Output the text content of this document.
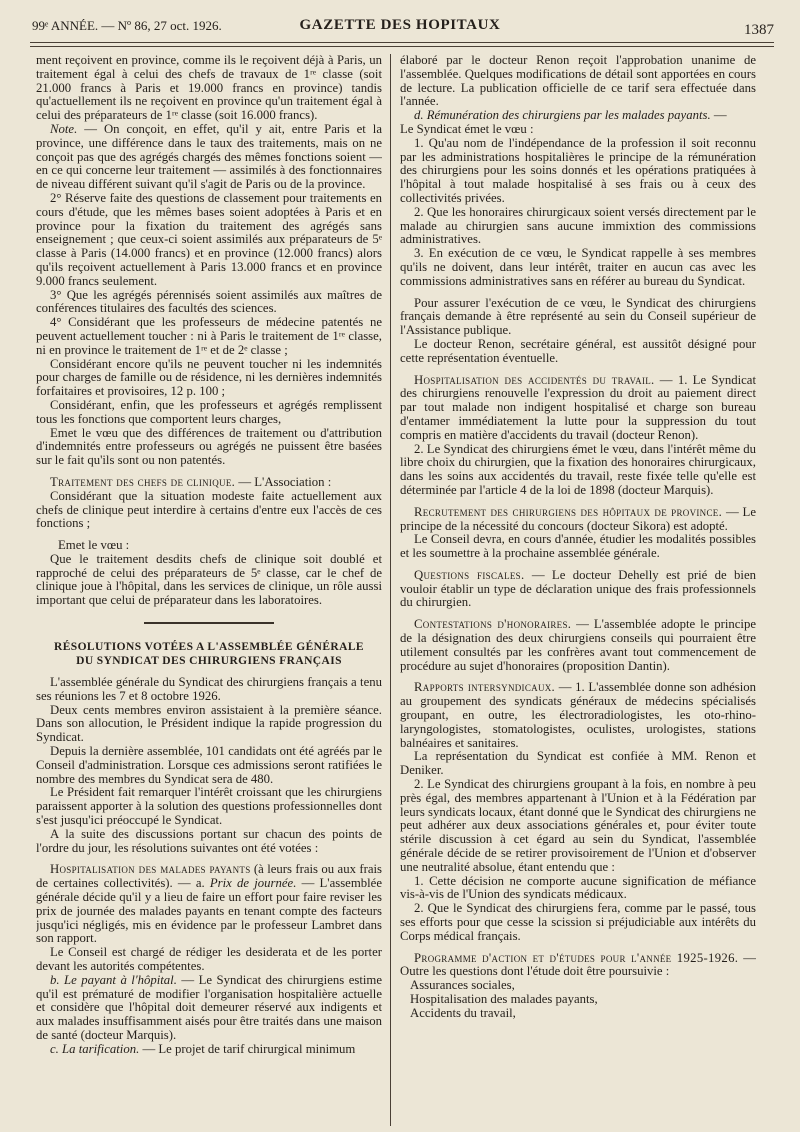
99ᵉ ANNÉE. — Nº 86, 27 oct. 1926.	GAZETTE DES HOPITAUX	1387

ment reçoivent en province, comme ils le reçoivent déjà à Paris, un traitement égal à celui des chefs de travaux de 1ʳᵉ classe (soit 21.000 francs à Paris et 19.000 francs en province) tandis qu'actuellement ils ne reçoivent en province qu'un traitement égal à celui des préparateurs de 1ʳᵉ classe (soit 16.000 francs).

Note. — On conçoit, en effet, qu'il y ait, entre Paris et la province, une différence dans le taux des traitements, mais on ne conçoit pas que des agrégés chargés des mêmes fonctions soient — en ce qui concerne leur traitement — assimilés à des fonctionnaires de niveau différent suivant qu'il s'agit de Paris ou de la province.

2° Réserve faite des questions de classement pour traitements en cours d'étude, que les mêmes bases soient adoptées à Paris et en province pour la fixation du traitement des agrégés sans enseignement ; que ceux-ci soient assimilés aux préparateurs de 5ᵉ classe à Paris (14.000 francs) et en province (12.000 francs) alors qu'ils reçoivent actuellement à Paris 13.000 francs et en province 9.000 francs seulement.

3° Que les agrégés pérennisés soient assimilés aux maîtres de conférences titulaires des facultés des sciences.

4° Considérant que les professeurs de médecine patentés ne peuvent actuellement toucher : ni à Paris le traitement de 1ʳᵉ classe, ni en province le traitement de 1ʳᵉ et de 2ᵉ classe ;

Considérant encore qu'ils ne peuvent toucher ni les indemnités pour charges de famille ou de résidence, ni les dernières indemnités forfaitaires et provisoires, 12 p. 100 ;

Considérant, enfin, que les professeurs et agrégés remplissent tous les fonctions que comportent leurs charges,

Emet le vœu que des différences de traitement ou d'attribution d'indemnités entre professeurs ou agrégés ne puissent être basées sur le fait qu'ils sont ou non patentés.

Traitement des chefs de clinique. — L'Association :

Considérant que la situation modeste faite actuellement aux chefs de clinique peut interdire à certains d'entre eux l'accès de ces fonctions ;

Emet le vœu :

Que le traitement desdits chefs de clinique soit doublé et rapproché de celui des préparateurs de 5ᵉ classe, car le chef de clinique joue à l'hôpital, dans les services de clinique, un rôle aussi important que celui de préparateur dans les laboratoires.

RÉSOLUTIONS VOTÉES A L'ASSEMBLÉE GÉNÉRALE
DU SYNDICAT DES CHIRURGIENS FRANÇAIS

L'assemblée générale du Syndicat des chirurgiens français a tenu ses réunions les 7 et 8 octobre 1926.

Deux cents membres environ assistaient à la première séance. Dans son allocution, le Président indique la rapide progression du Syndicat.

Depuis la dernière assemblée, 101 candidats ont été agréés par le Conseil d'administration. Lorsque ces admissions seront ratifiées le nombre des membres du Syndicat sera de 480.

Le Président fait remarquer l'intérêt croissant que les chirurgiens paraissent apporter à la solution des questions professionnelles dont s'est jusqu'ici préoccupé le Syndicat.

A la suite des discussions portant sur chacun des points de l'ordre du jour, les résolutions suivantes ont été votées :

Hospitalisation des malades payants (à leurs frais ou aux frais de certaines collectivités). — a. Prix de journée. — L'assemblée générale décide qu'il y a lieu de faire un effort pour faire reviser les prix de journée des malades payants en tenant compte des facteurs jusqu'ici négligés, mis en évidence par le professeur Lambret dans son rapport.

Le Conseil est chargé de rédiger les desiderata et de les porter devant les autorités compétentes.

b. Le payant à l'hôpital. — Le Syndicat des chirurgiens estime qu'il est prématuré de modifier l'organisation hospitalière actuelle et considère que l'hôpital doit demeurer réservé aux indigents et aux malades insuffisamment aisés pour être traités dans une maison de santé (docteur Marquis).

c. La tarification. — Le projet de tarif chirurgical minimum

élaboré par le docteur Renon reçoit l'approbation unanime de l'assemblée. Quelques modifications de détail sont apportées en cours de lecture. La publication officielle de ce tarif sera effectuée dans l'année.

d. Rémunération des chirurgiens par les malades payants. —

Le Syndicat émet le vœu :

1. Qu'au nom de l'indépendance de la profession il soit reconnu par les administrations hospitalières le principe de la rémunération des chirurgiens pour les soins donnés et les opérations pratiquées à l'hôpital à tout malade hospitalisé à ses frais ou à ceux des collectivités privées.

2. Que les honoraires chirurgicaux soient versés directement par le malade au chirurgien sans aucune immixtion des commissions administratives.

3. En exécution de ce vœu, le Syndicat rappelle à ses membres qu'ils ne doivent, dans leur intérêt, traiter en aucun cas avec les commissions administratives sans en référer au bureau du Syndicat.

Pour assurer l'exécution de ce vœu, le Syndicat des chirurgiens français demande à être représenté au sein du Conseil supérieur de l'Assistance publique.

Le docteur Renon, secrétaire général, est aussitôt désigné pour cette représentation éventuelle.

Hospitalisation des accidentés du travail. — 1. Le Syndicat des chirurgiens renouvelle l'expression du droit au paiement direct par tout malade non indigent hospitalisé et charge son bureau d'entamer immédiatement la lutte pour la suppression du tout compris en matière d'accidents du travail (docteur Renon).

2. Le Syndicat des chirurgiens émet le vœu, dans l'intérêt même du libre choix du chirurgien, que la fixation des honoraires chirurgicaux, dans les soins aux accidentés du travail, reste fixée telle qu'elle est déterminée par l'article 4 de la loi de 1898 (docteur Marquis).

Recrutement des chirurgiens des hôpitaux de province. — Le principe de la nécessité du concours (docteur Sikora) est adopté.

Le Conseil devra, en cours d'année, étudier les modalités possibles et les soumettre à la prochaine assemblée générale.

Questions fiscales. — Le docteur Dehelly est prié de bien vouloir établir un type de déclaration unique des frais professionnels du chirurgien.

Contestations d'honoraires. — L'assemblée adopte le principe de la désignation des deux chirurgiens conseils qui pourraient être utilement consultés par les confrères avant tout commencement de procédure au sujet d'honoraires (proposition Dantin).

Rapports intersyndicaux. — 1. L'assemblée donne son adhésion au groupement des syndicats généraux de médecins spécialisés groupant, en outre, les électroradiologistes, les oto-rhino-laryngologistes, stomatologistes, oculistes, urologistes, stations balnéaires et sanitaires.

La représentation du Syndicat est confiée à MM. Renon et Deniker.

2. Le Syndicat des chirurgiens groupant à la fois, en nombre à peu près égal, des membres appartenant à l'Union et à la Fédération par leurs syndicats locaux, étant donné que le Syndicat des chirurgiens ne peut adhérer aux deux associations générales et, pour éviter toute stérile discussion à cet égard au sein du Syndicat, l'assemblée générale décide de se retirer provisoirement de l'Union et d'observer une neutralité absolue, étant entendu que :

1. Cette décision ne comporte aucune signification de méfiance vis-à-vis de l'Union des syndicats médicaux.

2. Que le Syndicat des chirurgiens fera, comme par le passé, tous ses efforts pour que cesse la scission si préjudiciable aux intérêts du Corps médical français.

Programme d'action et d'études pour l'année 1925-1926. — Outre les questions dont l'étude doit être poursuivie :

Assurances sociales,

Hospitalisation des malades payants,

Accidents du travail,
